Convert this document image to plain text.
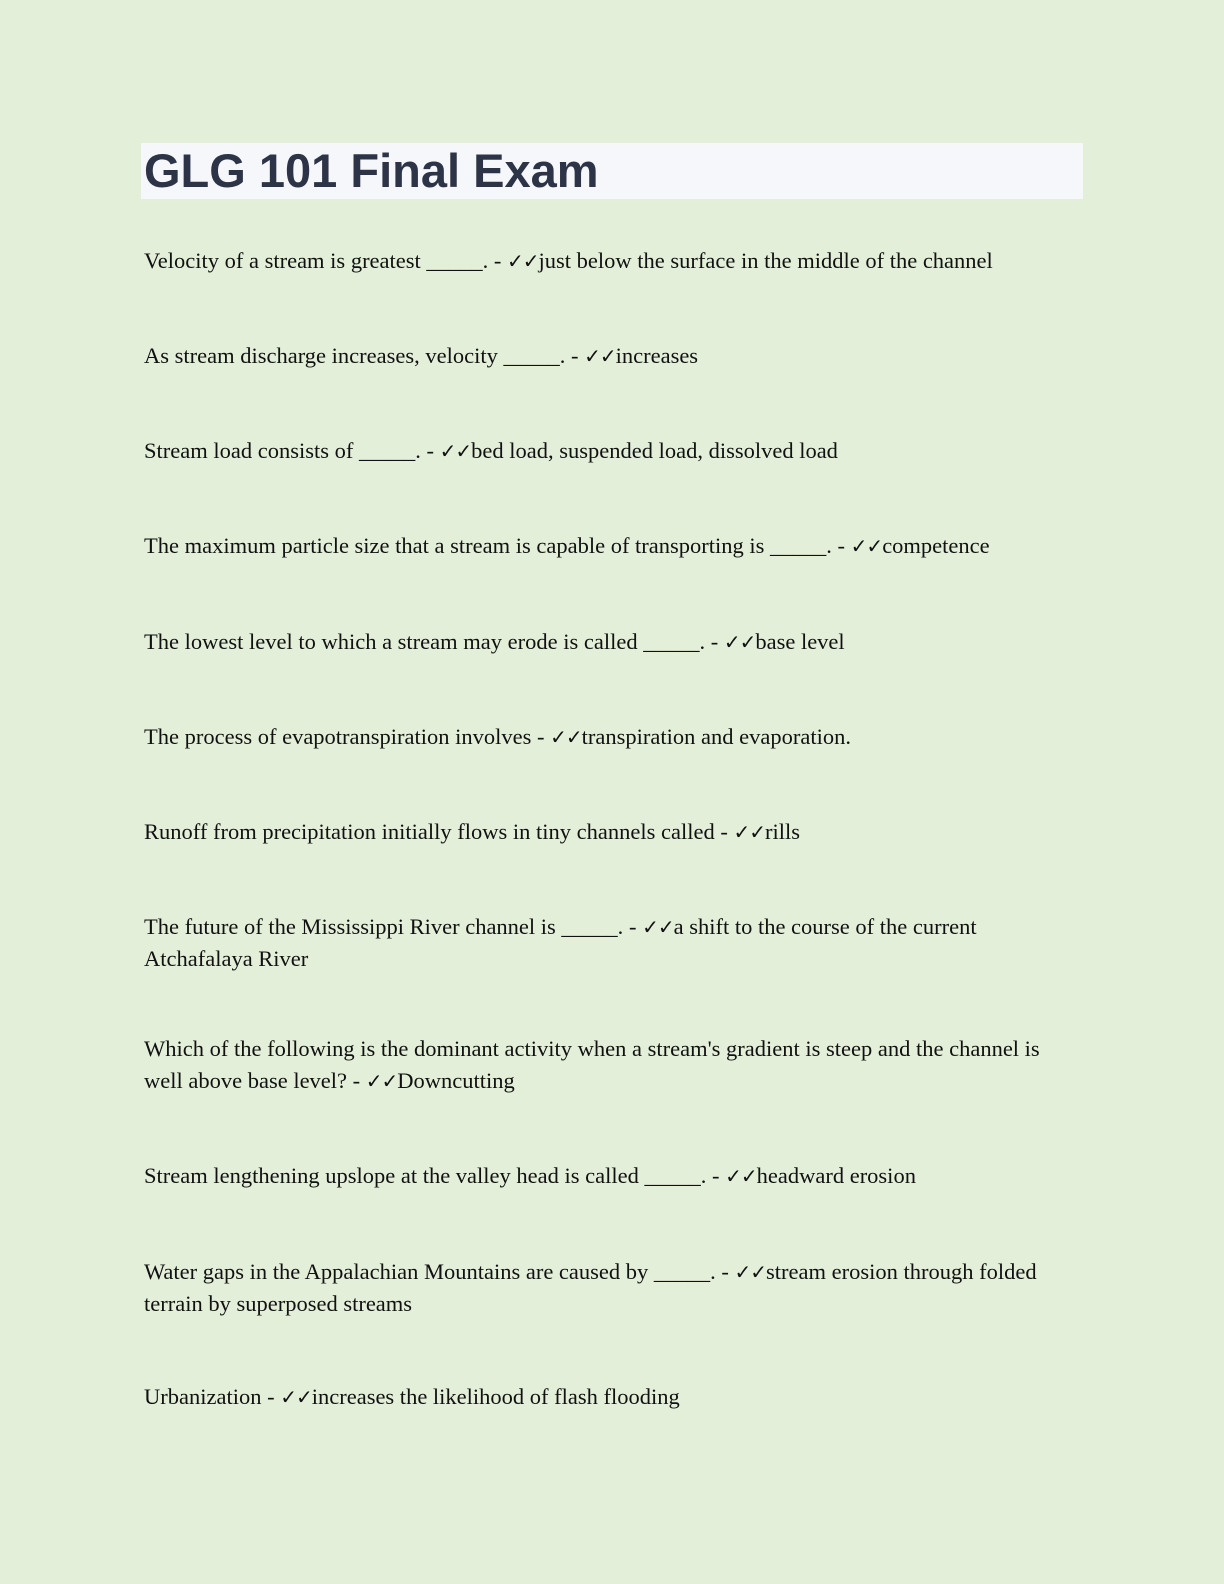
GLG 101 Final Exam

Velocity of a stream is greatest _____. - ✓✓just below the surface in the middle of the channel

As stream discharge increases, velocity _____. - ✓✓increases

Stream load consists of _____. - ✓✓bed load, suspended load, dissolved load

The maximum particle size that a stream is capable of transporting is _____. - ✓✓competence

The lowest level to which a stream may erode is called _____. - ✓✓base level

The process of evapotranspiration involves - ✓✓transpiration and evaporation.

Runoff from precipitation initially flows in tiny channels called - ✓✓rills

The future of the Mississippi River channel is _____. - ✓✓a shift to the course of the current Atchafalaya River

Which of the following is the dominant activity when a stream's gradient is steep and the channel is well above base level? - ✓✓Downcutting

Stream lengthening upslope at the valley head is called _____. - ✓✓headward erosion

Water gaps in the Appalachian Mountains are caused by _____. - ✓✓stream erosion through folded terrain by superposed streams

Urbanization - ✓✓increases the likelihood of flash flooding
